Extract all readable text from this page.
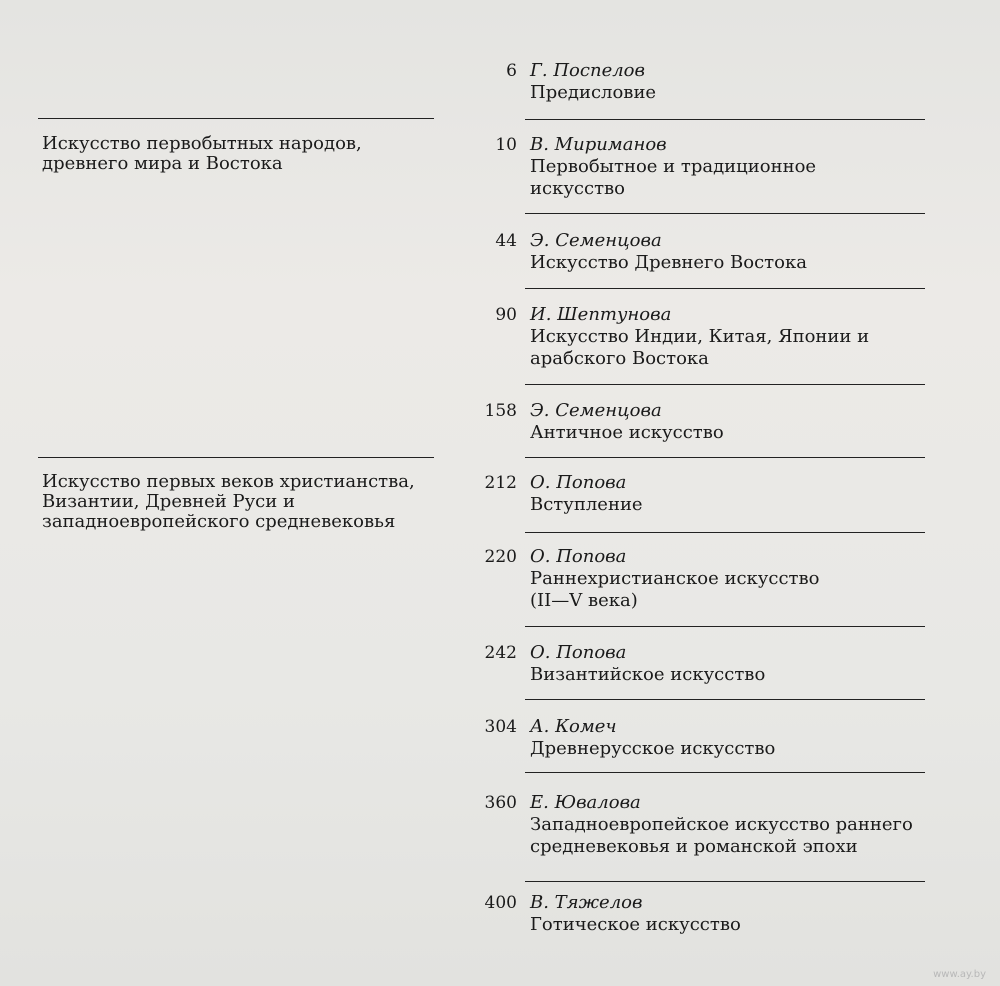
Искусство первобытных народов,
древнего мира и Востока
Искусство первых веков христианства,
Византии, Древней Руси и
западноевропейского средневековья
6 Г. Поспелов
Предисловие
10 В. Мириманов
Первобытное и традиционное
искусство
44 Э. Семенцова
Искусство Древнего Востока
90 И. Шептунова
Искусство Индии, Китая, Японии и
арабского Востока
158 Э. Семенцова
Античное искусство
212 О. Попова
Вступление
220 О. Попова
Раннехристианское искусство
(II—V века)
242 О. Попова
Византийское искусство
304 А. Комеч
Древнерусское искусство
360 Е. Ювалова
Западноевропейское искусство раннего
средневековья и романской эпохи
400 В. Тяжелов
Готическое искусство
www.ay.by
